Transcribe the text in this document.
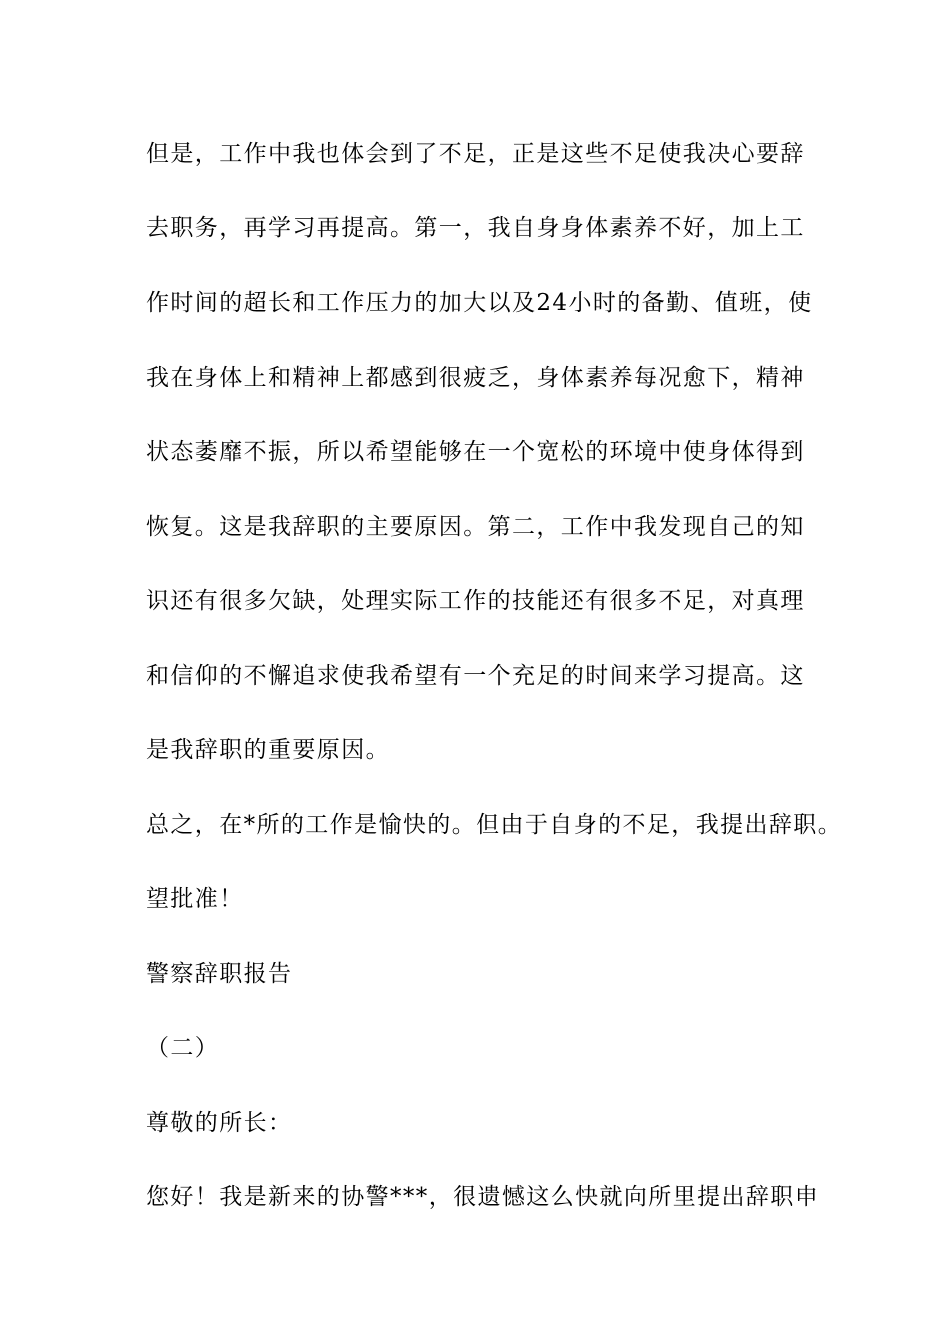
但是，工作中我也体会到了不足，正是这些不足使我决心要辞

去职务，再学习再提高。第一，我自身身体素养不好，加上工

作时间的超长和工作压力的加大以及24小时的备勤、值班，使

我在身体上和精神上都感到很疲乏，身体素养每况愈下，精神

状态萎靡不振，所以希望能够在一个宽松的环境中使身体得到

恢复。这是我辞职的主要原因。第二，工作中我发现自己的知

识还有很多欠缺，处理实际工作的技能还有很多不足，对真理

和信仰的不懈追求使我希望有一个充足的时间来学习提高。这

是我辞职的重要原因。

总之，在*所的工作是愉快的。但由于自身的不足，我提出辞职。

望批准！

警察辞职报告

（二）

尊敬的所长：

您好！我是新来的协警***，很遗憾这么快就向所里提出辞职申
